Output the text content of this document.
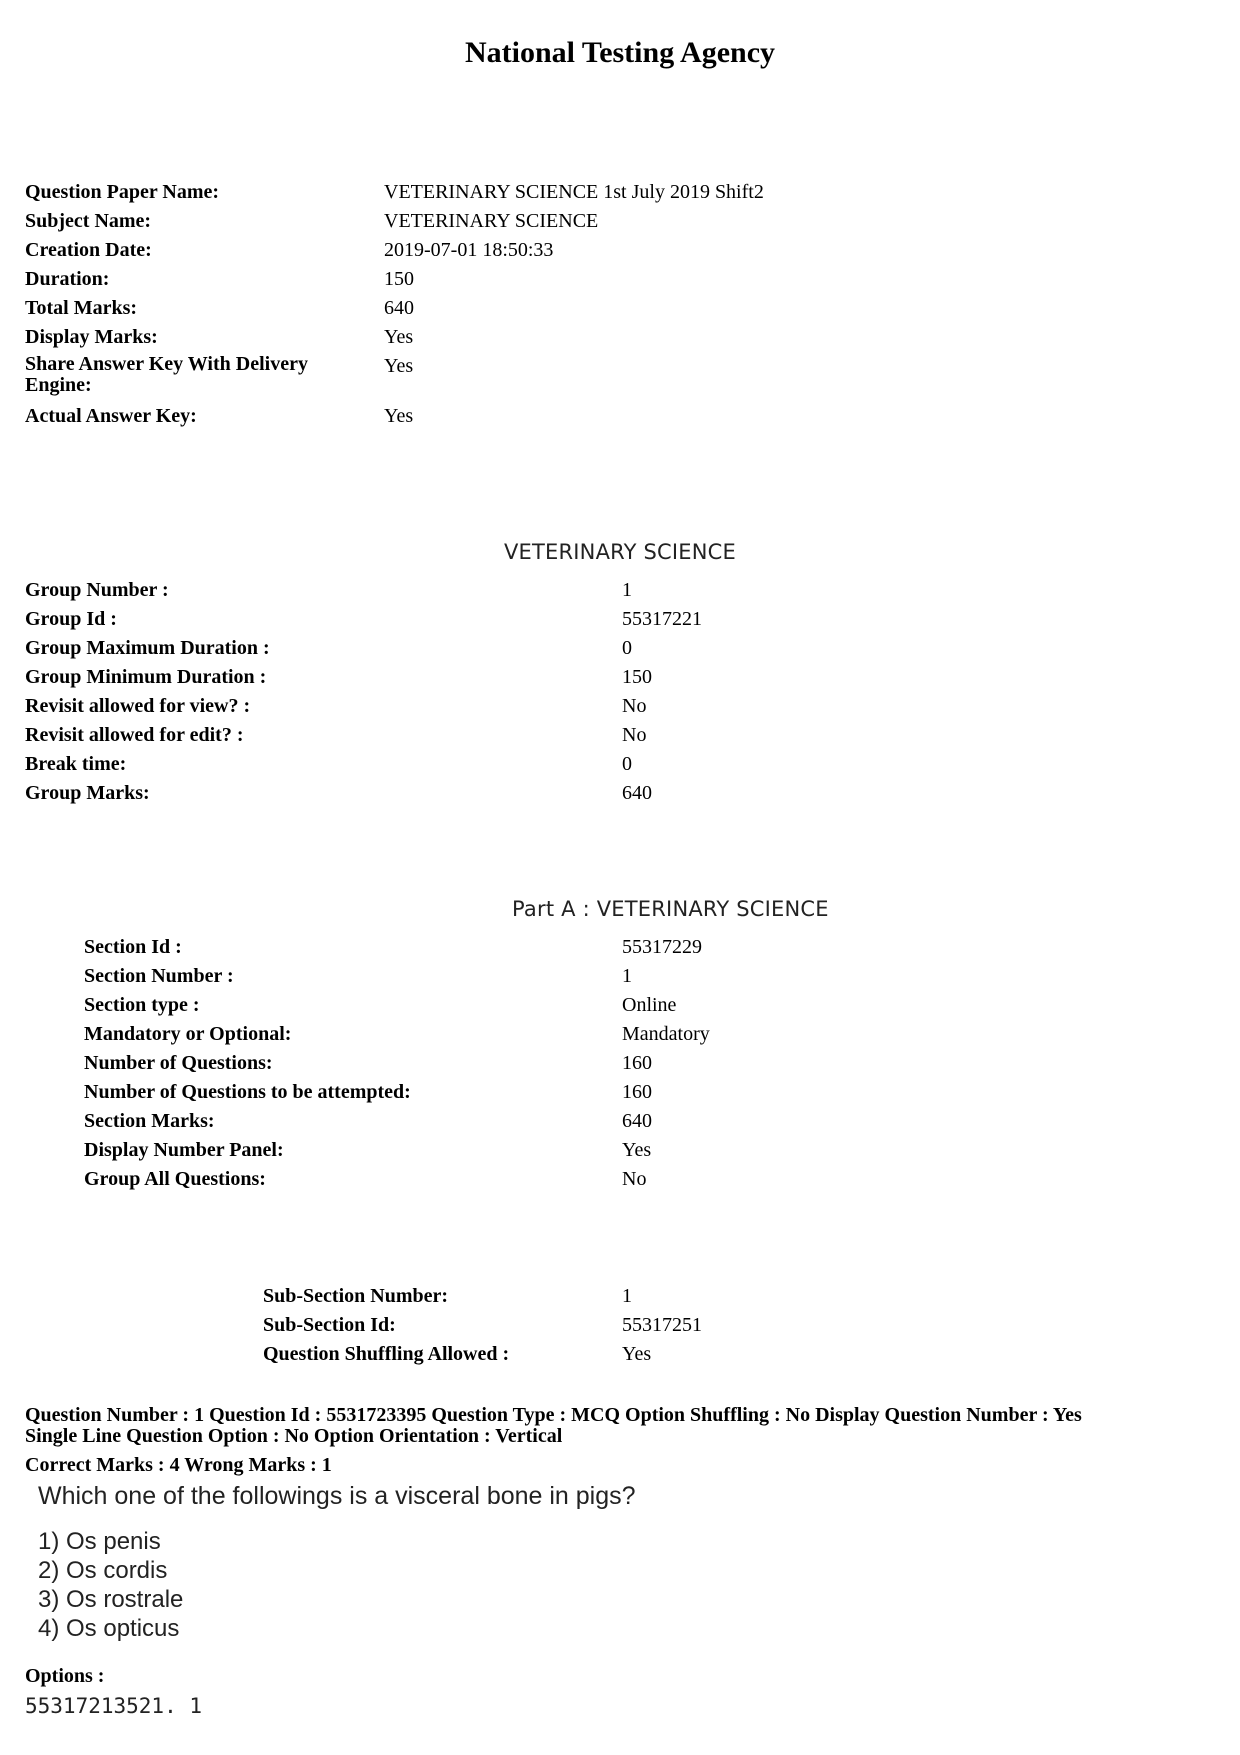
National Testing Agency
Question Paper Name:	VETERINARY SCIENCE 1st July 2019 Shift2
Subject Name:	VETERINARY SCIENCE
Creation Date:	2019-07-01 18:50:33
Duration:	150
Total Marks:	640
Display Marks:	Yes
Share Answer Key With Delivery Engine:
Yes
Actual Answer Key:	Yes
VETERINARY SCIENCE
Group Number :	1
Group Id :	55317221
Group Maximum Duration :	0
Group Minimum Duration :	150
Revisit allowed for view? :	No
Revisit allowed for edit? :	No
Break time:	0
Group Marks:	640
Part A : VETERINARY SCIENCE
Section Id :	55317229
Section Number :	1
Section type :	Online
Mandatory or Optional:	Mandatory
Number of Questions:	160
Number of Questions to be attempted:	160
Section Marks:	640
Display Number Panel:	Yes
Group All Questions:	No
Sub-Section Number:	1
Sub-Section Id:	55317251
Question Shuffling Allowed :	Yes
Question Number : 1 Question Id : 5531723395 Question Type : MCQ Option Shuffling : No Display Question Number : Yes
Single Line Question Option : No Option Orientation : Vertical
Correct Marks : 4 Wrong Marks : 1
Which one of the followings is a visceral bone in pigs?
1) Os penis
2) Os cordis
3) Os rostrale
4) Os opticus
Options :
55317213521. 1
